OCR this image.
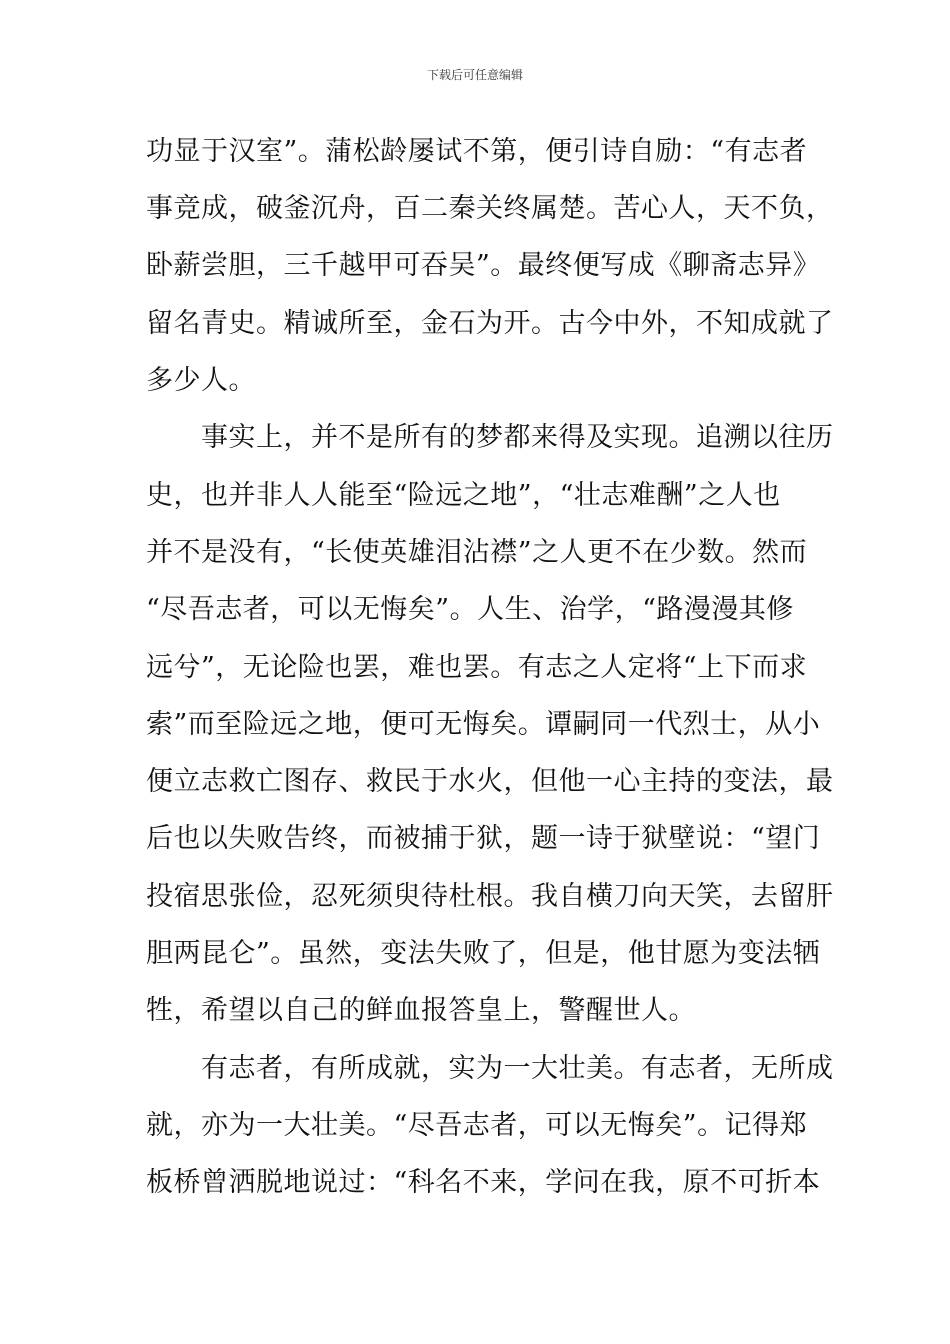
下载后可任意编辑
功显于汉室”。蒲松龄屡试不第，便引诗自励：“有志者
事竞成，破釜沉舟，百二秦关终属楚。苦心人，天不负，
卧薪尝胆，三千越甲可吞吴”。最终便写成《聊斋志异》
留名青史。精诚所至，金石为开。古今中外，不知成就了
多少人。
　　事实上，并不是所有的梦都来得及实现。追溯以往历
史，也并非人人能至“险远之地”，“壮志难酬”之人也
并不是没有，“长使英雄泪沾襟”之人更不在少数。然而
“尽吾志者，可以无悔矣”。人生、治学，“路漫漫其修
远兮”，无论险也罢，难也罢。有志之人定将“上下而求
索”而至险远之地，便可无悔矣。谭嗣同一代烈士，从小
便立志救亡图存、救民于水火，但他一心主持的变法，最
后也以失败告终，而被捕于狱，题一诗于狱壁说：“望门
投宿思张俭，忍死须臾待杜根。我自横刀向天笑，去留肝
胆两昆仑”。虽然，变法失败了，但是，他甘愿为变法牺
牲，希望以自己的鲜血报答皇上，警醒世人。
　　有志者，有所成就，实为一大壮美。有志者，无所成
就，亦为一大壮美。“尽吾志者，可以无悔矣”。记得郑
板桥曾洒脱地说过：“科名不来，学问在我，原不可折本
